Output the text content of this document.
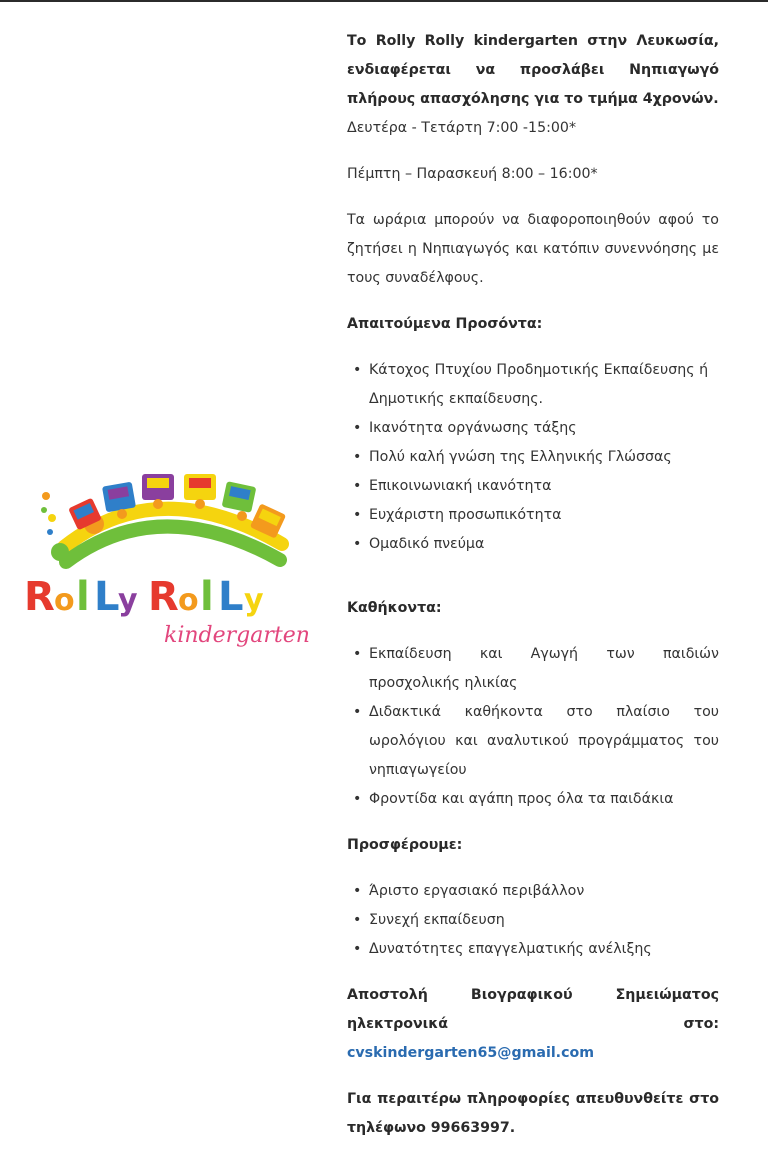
R o l L
y R o l L y
kindergarten

Το Rolly Rolly kindergarten στην Λευκωσία,

ενδιαφέρεται να προσλάβει Νηπιαγωγό

πλήρους απασχόλησης για το τμήμα 4χρονών.

Δευτέρα - Τετάρτη 7:00 -15:00*

Πέμπτη – Παρασκευή 8:00 – 16:00*

Τα ωράρια μπορούν να διαφοροποιηθούν αφού το ζητήσει η Νηπιαγωγός και κατόπιν συνεννόησης με τους συναδέλφους.

Απαιτούμενα Προσόντα:

• Κάτοχος Πτυχίου Προδημοτικής Εκπαίδευσης ή Δημοτικής εκπαίδευσης.
• Ικανότητα οργάνωσης τάξης
• Πολύ καλή γνώση της Ελληνικής Γλώσσας
• Επικοινωνιακή ικανότητα
• Ευχάριστη προσωπικότητα
• Ομαδικό πνεύμα

Καθήκοντα:

• Εκπαίδευση και Αγωγή των παιδιών προσχολικής ηλικίας
• Διδακτικά καθήκοντα στο πλαίσιο του ωρολόγιου και αναλυτικού προγράμματος του νηπιαγωγείου
• Φροντίδα και αγάπη προς όλα τα παιδάκια

Προσφέρουμε:

• Άριστο εργασιακό περιβάλλον
• Συνεχή εκπαίδευση
• Δυνατότητες επαγγελματικής ανέλιξης

Αποστολή Βιογραφικού Σημειώματος

ηλεκτρονικά στο:

cvskindergarten65@gmail.com

Για περαιτέρω πληροφορίες απευθυνθείτε στο τηλέφωνο 99663997.
